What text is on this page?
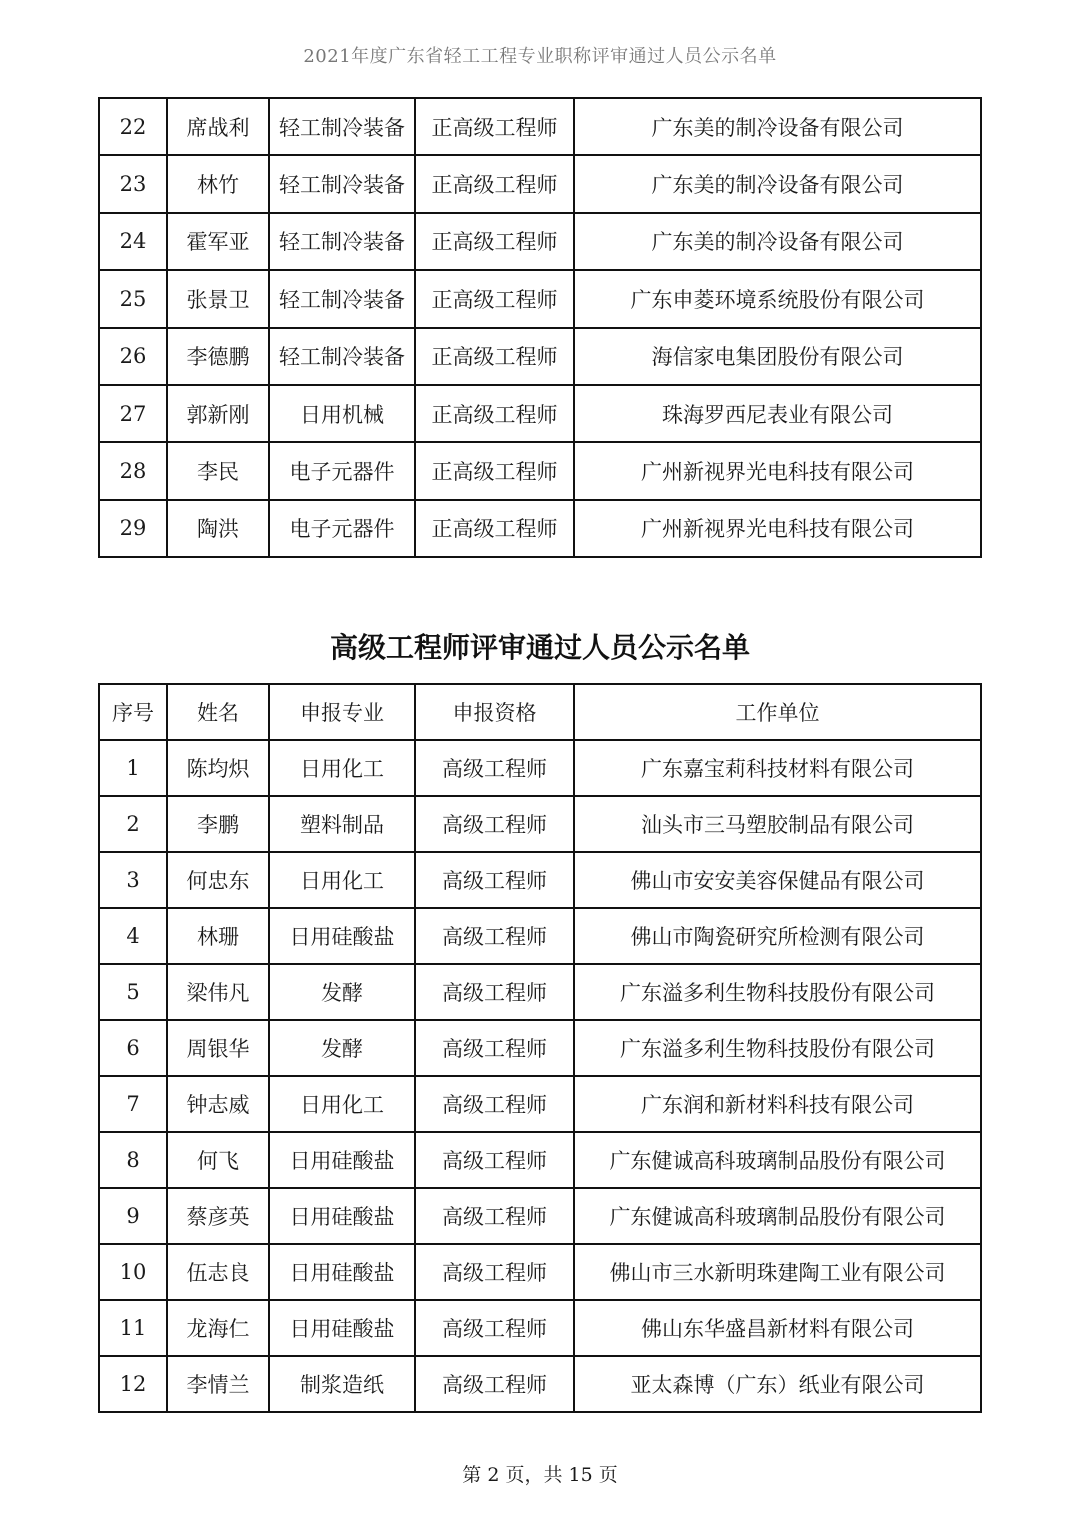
2021年度广东省轻工工程专业职称评审通过人员公示名单
22	席战利	轻工制冷装备	正高级工程师	广东美的制冷设备有限公司
23	林竹	轻工制冷装备	正高级工程师	广东美的制冷设备有限公司
24	霍军亚	轻工制冷装备	正高级工程师	广东美的制冷设备有限公司
25	张景卫	轻工制冷装备	正高级工程师	广东申菱环境系统股份有限公司
26	李德鹏	轻工制冷装备	正高级工程师	海信家电集团股份有限公司
27	郭新刚	日用机械	正高级工程师	珠海罗西尼表业有限公司
28	李民	电子元器件	正高级工程师	广州新视界光电科技有限公司
29	陶洪	电子元器件	正高级工程师	广州新视界光电科技有限公司
高级工程师评审通过人员公示名单
序号	姓名	申报专业	申报资格	工作单位
1	陈均炽	日用化工	高级工程师	广东嘉宝莉科技材料有限公司
2	李鹏	塑料制品	高级工程师	汕头市三马塑胶制品有限公司
3	何忠东	日用化工	高级工程师	佛山市安安美容保健品有限公司
4	林珊	日用硅酸盐	高级工程师	佛山市陶瓷研究所检测有限公司
5	梁伟凡	发酵	高级工程师	广东溢多利生物科技股份有限公司
6	周银华	发酵	高级工程师	广东溢多利生物科技股份有限公司
7	钟志威	日用化工	高级工程师	广东润和新材料科技有限公司
8	何飞	日用硅酸盐	高级工程师	广东健诚高科玻璃制品股份有限公司
9	蔡彦英	日用硅酸盐	高级工程师	广东健诚高科玻璃制品股份有限公司
10	伍志良	日用硅酸盐	高级工程师	佛山市三水新明珠建陶工业有限公司
11	龙海仁	日用硅酸盐	高级工程师	佛山东华盛昌新材料有限公司
12	李情兰	制浆造纸	高级工程师	亚太森博（广东）纸业有限公司
第 2 页，共 15 页
